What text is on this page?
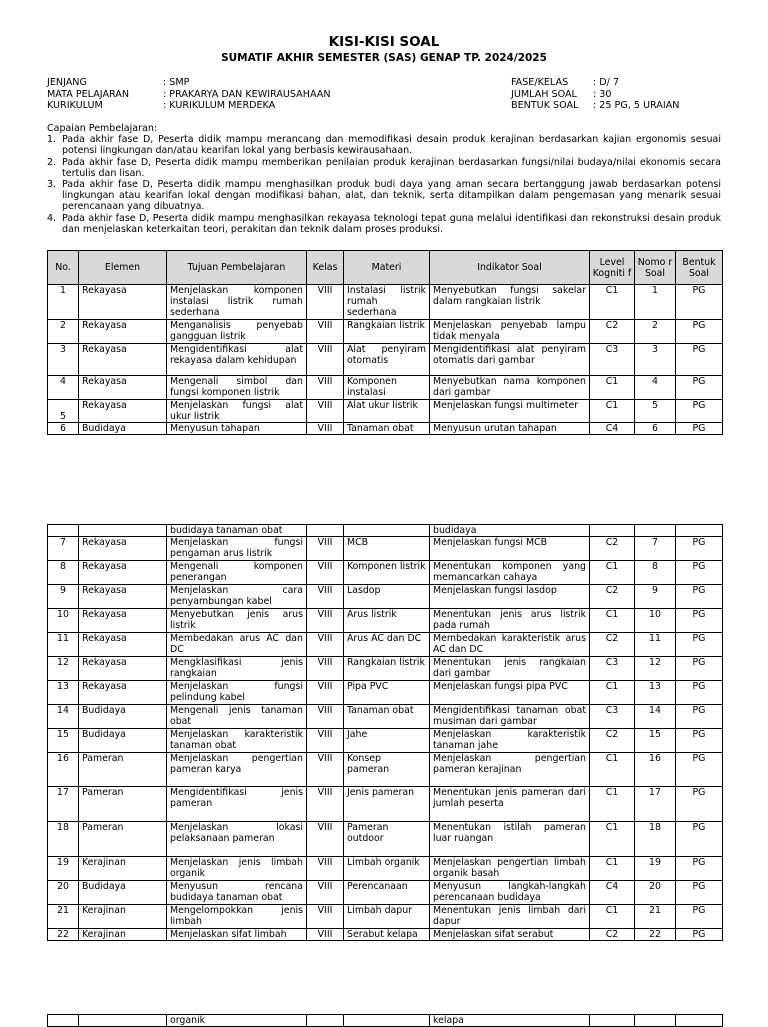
KISI-KISI SOAL
SUMATIF AKHIR SEMESTER (SAS) GENAP TP. 2024/2025
JENJANG	: SMP
MATA PELAJARAN	: PRAKARYA DAN KEWIRAUSAHAAN
KURIKULUM	: KURIKULUM MERDEKA
FASE/KELAS	: D/ 7
JUMLAH SOAL	: 30
BENTUK SOAL	: 25 PG, 5 URAIAN
Capaian Pembelajaran:
1. Pada akhir fase D, Peserta didik mampu merancang dan memodifikasi desain produk kerajinan berdasarkan kajian ergonomis sesuai potensi lingkungan dan/atau kearifan lokal yang berbasis kewirausahaan.
2. Pada akhir fase D, Peserta didik mampu memberikan penilaian produk kerajinan berdasarkan fungsi/nilai budaya/nilai ekonomis secara tertulis dan lisan.
3. Pada akhir fase D, Peserta didik mampu menghasilkan produk budi daya yang aman secara bertanggung jawab berdasarkan potensi lingkungan atau kearifan lokal dengan modifikasi bahan, alat, dan teknik, serta ditampilkan dalam pengemasan yang menarik sesuai perencanaan yang dibuatnya.
4. Pada akhir fase D, Peserta didik mampu menghasilkan rekayasa teknologi tepat guna melalui identifikasi dan rekonstruksi desain produk dan menjelaskan keterkaitan teori, perakitan dan teknik dalam proses produksi.
No.	Elemen	Tujuan Pembelajaran	Kelas	Materi	Indikator Soal	Level Kogniti f	Nomo r Soal	Bentuk Soal
1	Rekayasa	Menjelaskan komponen instalasi listrik rumah sederhana	VIII	Instalasi listrik rumah sederhana	Menyebutkan fungsi sakelar dalam rangkaian listrik	C1	1	PG
2	Rekayasa	Menganalisis penyebab gangguan listrik	VIII	Rangkaian listrik	Menjelaskan penyebab lampu tidak menyala	C2	2	PG
3	Rekayasa	Mengidentifikasi alat rekayasa dalam kehidupan	VIII	Alat penyiram otomatis	Mengidentifikasi alat penyiram otomatis dari gambar	C3	3	PG
4	Rekayasa	Mengenali simbol dan fungsi komponen listrik	VIII	Komponen instalasi	Menyebutkan nama komponen dari gambar	C1	4	PG
5	Rekayasa	Menjelaskan fungsi alat ukur listrik	VIII	Alat ukur listrik	Menjelaskan fungsi multimeter	C1	5	PG
6	Budidaya	Menyusun tahapan	VIII	Tanaman obat	Menyusun urutan tahapan	C4	6	PG
		budidaya tanaman obat			budidaya			
7	Rekayasa	Menjelaskan fungsi pengaman arus listrik	VIII	MCB	Menjelaskan fungsi MCB	C2	7	PG
8	Rekayasa	Mengenali komponen penerangan	VIII	Komponen listrik	Menentukan komponen yang memancarkan cahaya	C1	8	PG
9	Rekayasa	Menjelaskan cara penyambungan kabel	VIII	Lasdop	Menjelaskan fungsi lasdop	C2	9	PG
10	Rekayasa	Menyebutkan jenis arus listrik	VIII	Arus listrik	Menentukan jenis arus listrik pada rumah	C1	10	PG
11	Rekayasa	Membedakan arus AC dan DC	VIII	Arus AC dan DC	Membedakan karakteristik arus AC dan DC	C2	11	PG
12	Rekayasa	Mengklasifikasi jenis rangkaian	VIII	Rangkaian listrik	Menentukan jenis rangkaian dari gambar	C3	12	PG
13	Rekayasa	Menjelaskan fungsi pelindung kabel	VIII	Pipa PVC	Menjelaskan fungsi pipa PVC	C1	13	PG
14	Budidaya	Mengenali jenis tanaman obat	VIII	Tanaman obat	Mengidentifikasi tanaman obat musiman dari gambar	C3	14	PG
15	Budidaya	Menjelaskan karakteristik tanaman obat	VIII	Jahe	Menjelaskan karakteristik tanaman jahe	C2	15	PG
16	Pameran	Menjelaskan pengertian pameran karya	VIII	Konsep pameran	Menjelaskan pengertian pameran kerajinan	C1	16	PG
17	Pameran	Mengidentifikasi jenis pameran	VIII	Jenis pameran	Menentukan jenis pameran dari jumlah peserta	C1	17	PG
18	Pameran	Menjelaskan lokasi pelaksanaan pameran	VIII	Pameran outdoor	Menentukan istilah pameran luar ruangan	C1	18	PG
19	Kerajinan	Menjelaskan jenis limbah organik	VIII	Limbah organik	Menjelaskan pengertian limbah organik basah	C1	19	PG
20	Budidaya	Menyusun rencana budidaya tanaman obat	VIII	Perencanaan	Menyusun langkah-langkah perencanaan budidaya	C4	20	PG
21	Kerajinan	Mengelompokkan jenis limbah	VIII	Limbah dapur	Menentukan jenis limbah dari dapur	C1	21	PG
22	Kerajinan	Menjelaskan sifat limbah	VIII	Serabut kelapa	Menjelaskan sifat serabut	C2	22	PG
		organik			kelapa			
